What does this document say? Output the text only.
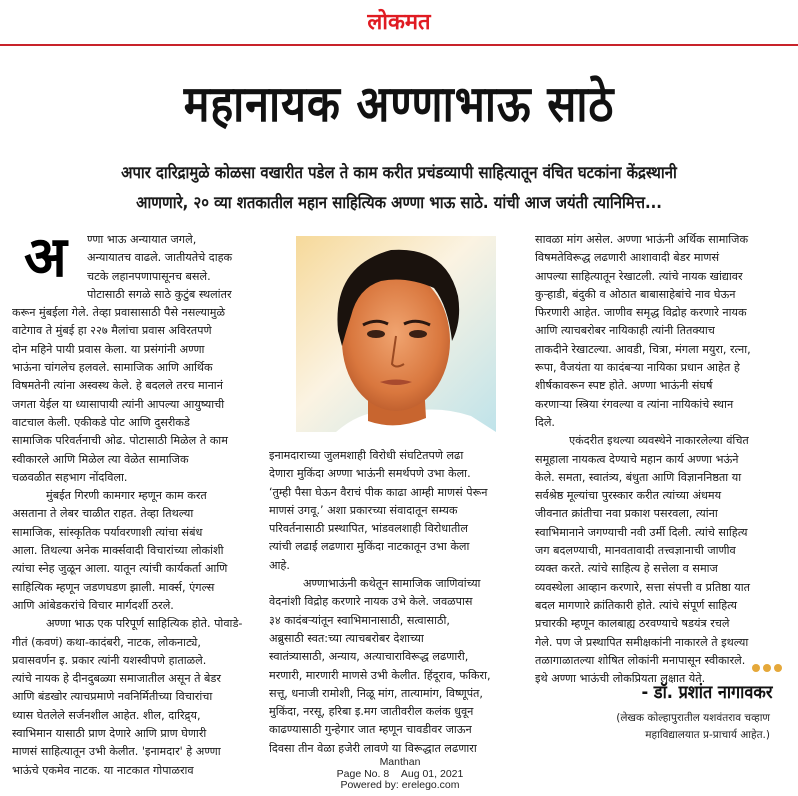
लोकमत
महानायक अण्णाभाऊ साठे
अपार दारिद्रामुळे कोळसा वखारीत पडेल ते काम करीत प्रचंडव्यापी साहित्यातून वंचित घटकांना केंद्रस्थानी
आणणारे, २० व्या शतकातील महान साहित्यिक अण्णा भाऊ साठे. यांची आज जयंती त्यानिमित्त...
अ	ण्णा भाऊ अन्यायात जगले,
अन्यायातच वाढले. जातीयतेचे दाहक
चटके लहानपणापासूनच बसले.
पोटासाठी सगळे साठे कुटुंब स्थलांतर
करून मुंबईला गेले. तेव्हा प्रवासासाठी पैसे नसल्यामुळे
वाटेगाव ते मुंबई हा २२७ मैलांचा प्रवास अविरतपणे
दोन महिने पायी प्रवास केला. या प्रसंगांनी अण्णा
भाऊंना चांगलेच हलवले. सामाजिक आणि आर्थिक
विषमतेनी त्यांना अस्वस्थ केले. हे बदलले तरच मानानं
जगता येईल या ध्यासापायी त्यांनी आपल्या आयुष्याची
वाटचाल केली. एकीकडे पोट आणि दुसरीकडे
सामाजिक परिवर्तनाची ओढ. पोटासाठी मिळेल ते काम
स्वीकारले आणि मिळेल त्या वेळेत सामाजिक
चळवळीत सहभाग नोंदविला.
मुंबईत गिरणी कामगार म्हणून काम करत
असताना ते लेबर चाळीत राहत. तेव्हा तिथल्या
सामाजिक, सांस्कृतिक पर्यावरणाशी त्यांचा संबंध
आला. तिथल्या अनेक मार्क्सवादी विचारांच्या लोकांशी
त्यांचा स्नेह जुळून आला. यातून त्यांची कार्यकर्ता आणि
साहित्यिक म्हणून जडणघडण झाली. मार्क्स, एंगल्स
आणि आंबेडकरांचे विचार मार्गदर्शी ठरले.
अण्णा भाऊ एक परिपूर्ण साहित्यिक होते. पोवाडे-
गीतं (कवणं) कथा-कादंबरी, नाटक, लोकनाट्ये,
प्रवासवर्णन इ. प्रकार त्यांनी यशस्वीपणे हाताळले.
त्यांचे नायक हे दीनदुबळ्या समाजातील असून ते बेडर
आणि बंडखोर त्याचप्रमाणे नवनिर्मितीच्या विचारांचा
ध्यास घेतलेले सर्जनशील आहेत. शील, दारिद्र्य,
स्वाभिमान यासाठी प्राण देणारे आणि प्राण घेणारी
माणसं साहित्यातून उभी केलीत. 'इनामदार' हे अण्णा
भाऊंचे एकमेव नाटक. या नाटकात गोपाळराव
इनामदाराच्या जुलमशाही विरोधी संघटितपणे लढा
देणारा मुकिंदा अण्णा भाऊंनी समर्थपणे उभा केला.
‘तुम्ही पैसा घेऊन वैराचं पीक काढा आम्ही माणसं पेरून
माणसं उगवू.’ अशा प्रकारच्या संवादातून सम्यक
परिवर्तनासाठी प्रस्थापित, भांडवलशाही विरोधातील
त्यांची लढाई लढणारा मुकिंदा नाटकातून उभा केला
आहे.
अण्णाभाऊंनी कथेतून सामाजिक जाणिवांच्या
वेदनांशी विद्रोह करणारे नायक उभे केले. जवळपास
३४ कादंबऱ्यांतून स्वाभिमानासाठी, सत्वासाठी,
अब्रुसाठी स्वत:च्या त्याचबरोबर देशाच्या
स्वातंत्र्यासाठी, अन्याय, अत्याचाराविरूद्ध लढणारी,
मरणारी, मारणारी माणसे उभी केलीत. हिंदूराव, फकिरा,
सत्तू, धनाजी रामोशी, निळू मांग, तात्यामांग, विष्णूपंत,
मुकिंदा, नरसू, हरिबा इ.मग जातीवरील कलंक धुवून
काढण्यासाठी गुन्हेगार जात म्हणून चावडीवर जाऊन
दिवसा तीन वेळा हजेरी लावणे या विरूद्धात लढणारा
सावळा मांग असेल. अण्णा भाऊंनी अर्थिक सामाजिक
विषमतेविरूद्ध लढणारी आशावादी बेडर माणसं
आपल्या साहित्यातून रेखाटली. त्यांचे नायक खांद्यावर
कुऱ्हाडी, बंदुकी व ओठात बाबासाहेबांचे नाव घेऊन
फिरणारी आहेत. जाणीव समृद्ध विद्रोह करणारे नायक
आणि त्याचबरोबर नायिकाही त्यांनी तितक्याच
ताकदीने रेखाटल्या. आवडी, चित्रा, मंगला मयुरा, रत्ना,
रूपा, वैजयंता या कादंबऱ्या नायिका प्रधान आहेत हे
शीर्षकावरून स्पष्ट होते. अण्णा भाऊंनी संघर्ष
करणाऱ्या स्त्रिया रंगवल्या व त्यांना नायिकांचे स्थान
दिले.
एकंदरीत इथल्या व्यवस्थेने नाकारलेल्या वंचित
समूहाला नायकत्व देण्याचे महान कार्य अण्णा भऊंने
केले. समता, स्वातंत्र्य, बंधुता आणि विज्ञाननिष्ठता या
सर्वश्रेष्ठ मूल्यांचा पुरस्कार करीत त्यांच्या अंधमय
जीवनात क्रांतीचा नवा प्रकाश पसरवला, त्यांना
स्वाभिमानाने जगण्याची नवी उर्मी दिली. त्यांचे साहित्य
जग बदलण्याची, मानवतावादी तत्त्वज्ञानाची जाणीव
व्यक्त करते. त्यांचे साहित्य हे सत्तेला व समाज
व्यवस्थेला आव्हान करणारे, सत्ता संपत्ती व प्रतिष्ठा यात
बदल मागणारे क्रांतिकारी होते. त्यांचे संपूर्ण साहित्य
प्रचारकी म्हणून कालबाह्य ठरवण्याचे षडयंत्र रचले
गेले. पण जे प्रस्थापित समीक्षकांनी नाकारले ते इथल्या
तळागाळातल्या शोषित लोकांनी मनापासून स्वीकारले.
इथे अण्णा भाऊंची लोकप्रियता लक्षात येते.
- डॉ. प्रशांत नागावकर
(लेखक कोल्हापुरातील यशवंतराव चव्हाण
महाविद्यालयात प्र-प्राचार्य आहेत.)
Manthan
Page No. 8 Aug 01, 2021
Powered by: erelego.com
